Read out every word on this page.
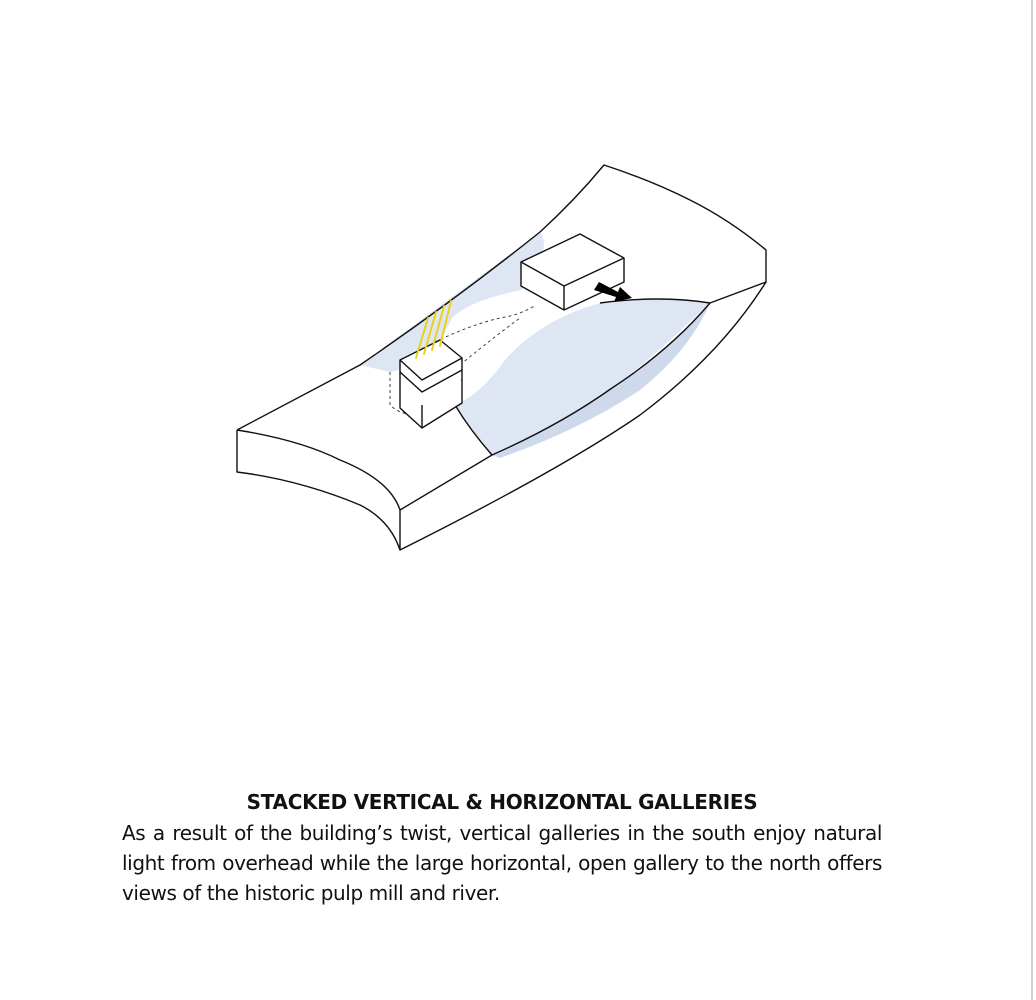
STACKED VERTICAL & HORIZONTAL GALLERIES

As a result of the building’s twist, vertical galleries in the south enjoy natural light from overhead while the large horizontal, open gallery to the north offers views of the historic pulp mill and river.
